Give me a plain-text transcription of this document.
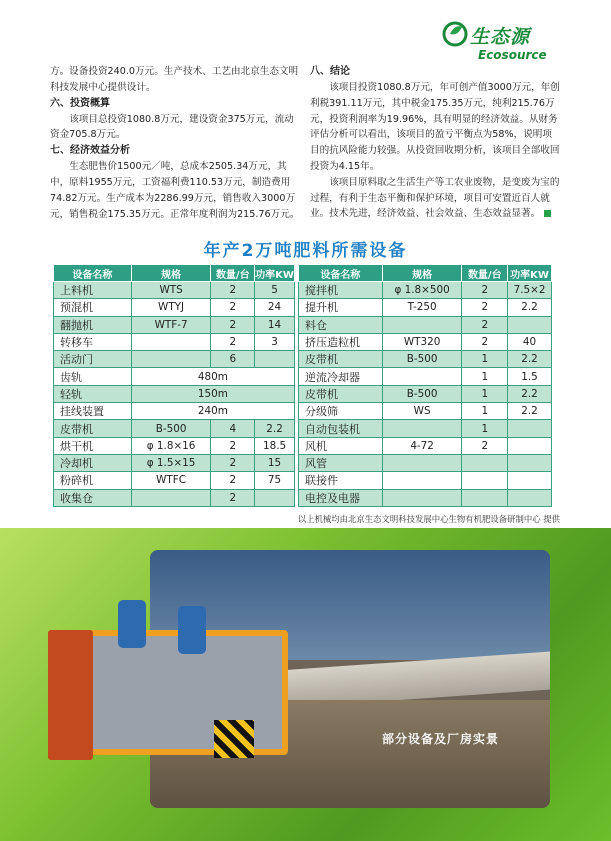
生态源
Ecosource

方。设备投资240.0万元。生产技术、工艺由北京生态文明科技发展中心提供设计。

六、投资概算

该项目总投资1080.8万元，建设资金375万元，流动资金705.8万元。

七、经济效益分析

生态肥售价1500元／吨，总成本2505.34万元，其中，原料1955万元，工资福利费110.53万元，制造费用74.82万元。生产成本为2286.99万元，销售收入3000万元，销售税金175.35万元。正常年度利润为215.76万元。

八、结论

该项目投资1080.8万元，年可创产值3000万元，年创利税391.11万元，其中税金175.35万元，纯利215.76万元，投资利润率为19.96%，具有明显的经济效益。从财务评估分析可以看出，该项目的盈亏平衡点为58%，说明项目的抗风险能力较强。从投资回收期分析，该项目全部收回投资为4.15年。

该项目原料取之生活生产等工农业废物，是变废为宝的过程，有利于生态平衡和保护环境，项目可安置近百人就业。技术先进，经济效益、社会效益、生态效益显著。

年产2万吨肥料所需设备
设备名称	规格	数量/台	功率KW
上料机	WTS	2	5
预混机	WTYJ	2	24
翻抛机	WTF-7	2	14
转移车		2	3
活动门		6	
齿轨	480m		
轻轨	150m		
挂线装置	240m		
皮带机	B-500	4	2.2
烘干机	φ 1.8×16	2	18.5
冷却机	φ 1.5×15	2	15
粉碎机	WTFC	2	75
收集仓		2	
设备名称	规格	数量/台	功率KW
搅拌机	φ 1.8×500	2	7.5×2
提升机	T-250	2	2.2
料仓		2	
挤压造粒机	WT320	2	40
皮带机	B-500	1	2.2
逆流冷却器		1	1.5
皮带机	B-500	1	2.2
分级筛	WS	1	2.2
自动包装机		1	
风机	4-72	2	
风管			
联接件			
电控及电器			
以上机械均由北京生态文明科技发展中心生物有机肥设备研制中心 提供
部分设备及厂房实景
